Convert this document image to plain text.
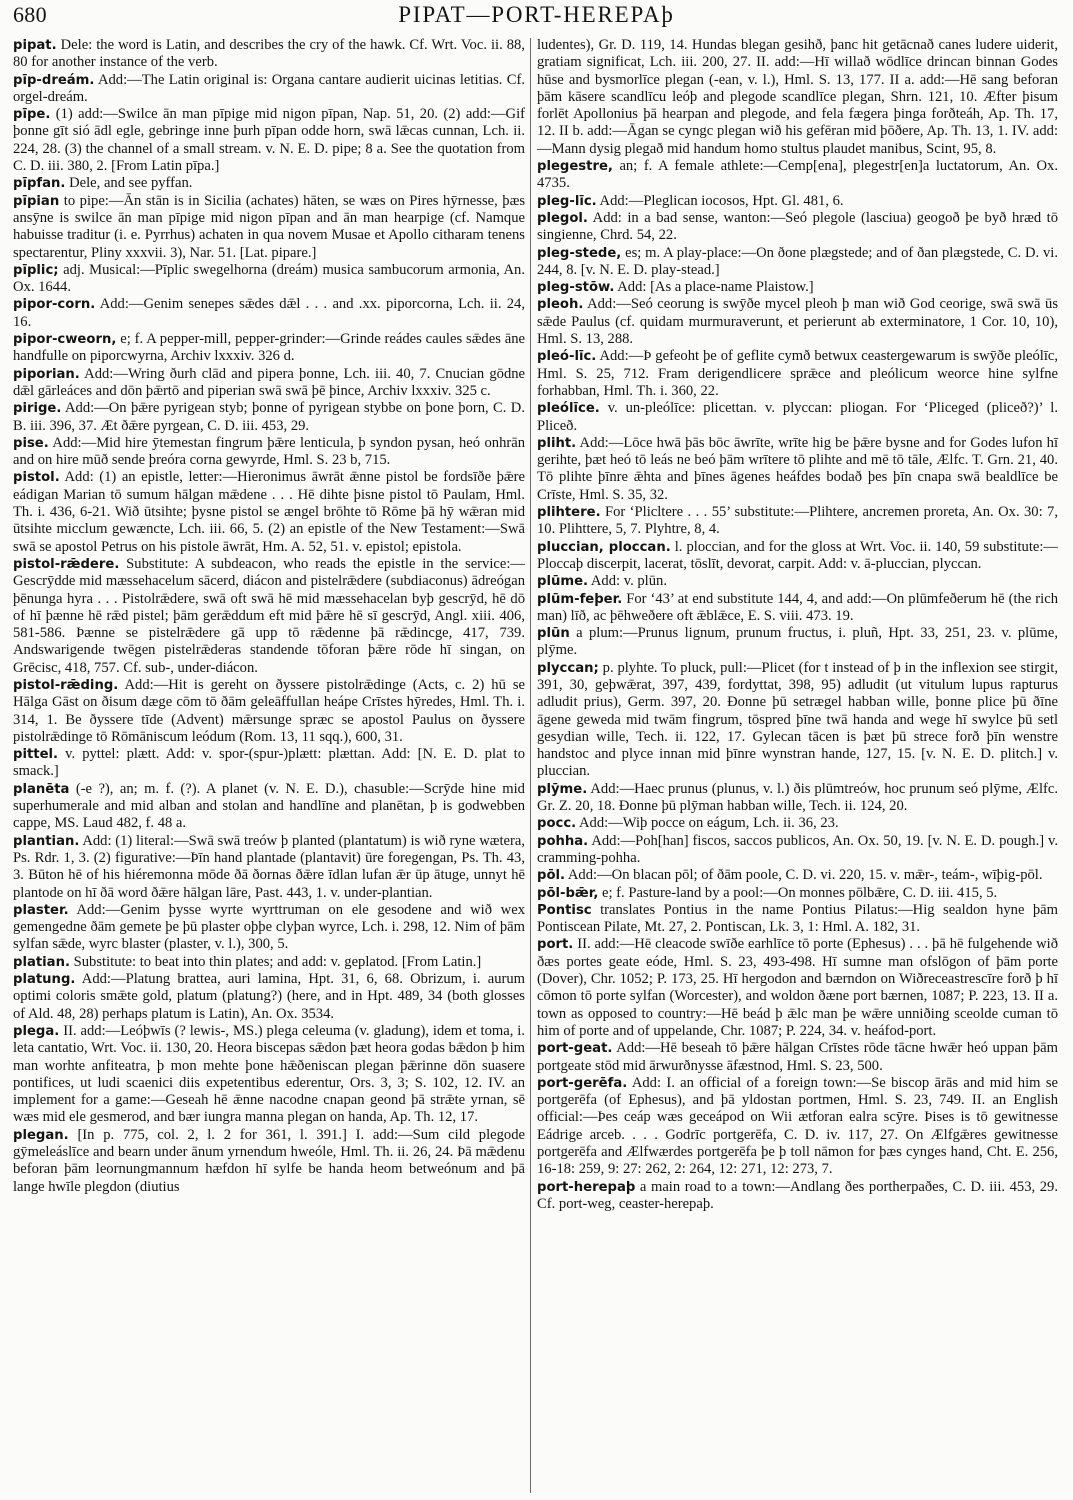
680	PIPAT—PORT-HEREPAþ

pipat. Dele: the word is Latin, and describes the cry of the hawk. Cf. Wrt. Voc. ii. 88, 80 for another instance of the verb.

pīp-dreám. Add:—The Latin original is: Organa cantare audierit uicinas letitias. Cf. orgel-dreám.

pīpe. (1) add:—Swilce ān man pīpige mid nigon pīpan, Nap. 51, 20. (2) add:—Gif þonne gīt sió ādl egle, gebringe inne þurh pīpan odde horn, swā lǣcas cunnan, Lch. ii. 224, 28. (3) the channel of a small stream. v. N. E. D. pipe; 8 a. See the quotation from C. D. iii. 380, 2. [From Latin pīpa.]

pīpfan. Dele, and see pyffan.

pīpian to pipe:—Ān stān is in Sicilia (achates) hāten, se wæs on Pires hȳrnesse, þæs ansȳne is swilce ān man pīpige mid nigon pīpan and ān man hearpige (cf. Namque habuisse traditur (i. e. Pyrrhus) achaten in qua novem Musae et Apollo citharam tenens spectarentur, Pliny xxxvii. 3), Nar. 51. [Lat. pipare.]

pīplic; adj. Musical:—Pīplic swegelhorna (dreám) musica sambucorum armonia, An. Ox. 1644.

pipor-corn. Add:—Genim senepes sǣdes dǣl . . . and .xx. piporcorna, Lch. ii. 24, 16.

pipor-cweorn, e; f. A pepper-mill, pepper-grinder:—Grinde reádes caules sǣdes āne handfulle on piporcwyrna, Archiv lxxxiv. 326 d.

piporian. Add:—Wring ðurh clād and pipera þonne, Lch. iii. 40, 7. Cnucian gōdne dǣl gārleáces and dōn þǣrtō and piperian swā swā þē þince, Archiv lxxxiv. 325 c.

pirige. Add:—On þǣre pyrigean styb; þonne of pyrigean stybbe on þone þorn, C. D. B. iii. 396, 37. Æt ðǣre pyrgean, C. D. iii. 453, 29.

pise. Add:—Mid hire ȳtemestan fingrum þǣre lenticula, þ syndon pysan, heó onhrān and on hire mūð sende þreóra corna gewyrde, Hml. S. 23 b, 715.

pistol. Add: (1) an epistle, letter:—Hieronimus āwrāt ǣnne pistol be fordsīðe þǣre eádigan Marian tō sumum hālgan mǣdene . . . Hē dihte þisne pistol tō Paulam, Hml. Th. i. 436, 6-21. Wið ūtsihte; þysne pistol se ængel brōhte tō Rōme þā hȳ wǣran mid ūtsihte micclum gewæncte, Lch. iii. 66, 5. (2) an epistle of the New Testament:—Swā swā se apostol Petrus on his pistole āwrāt, Hm. A. 52, 51. v. epistol; epistola.

pistol-rǣdere. Substitute: A subdeacon, who reads the epistle in the service:—Gescrȳdde mid mæssehacelum sācerd, diácon and pistelrǣdere (subdiaconus) ādreógan þēnunga hyra . . . Pistolrǣdere, swā oft swā hē mid mæssehacelan byþ gescrȳd, hē dō of hī þænne hē rǣd pistel; þām gerǣddum eft mid þǣre hē sī gescrȳd, Angl. xiii. 406, 581-586. Þænne se pistelrǣdere gā upp tō rǣdenne þā rǣdincge, 417, 739. Andswarigende twēgen pistelrǣderas standende tōforan þǣre rōde hī singan, on Grēcisc, 418, 757. Cf. sub-, under-diácon.

pistol-rǣding. Add:—Hit is gereht on ðyssere pistolrǣdinge (Acts, c. 2) hū se Hālga Gāst on ðisum dæge cōm tō ðām geleāffullan heápe Crīstes hȳredes, Hml. Th. i. 314, 1. Be ðyssere tīde (Advent) mǣrsunge spræc se apostol Paulus on ðyssere pistolrǣdinge tō Rōmāniscum leódum (Rom. 13, 11 sqq.), 600, 31.

pittel. v. pyttel: plætt. Add: v. spor-(spur-)plætt: plættan. Add: [N. E. D. plat to smack.]

planēta (-e ?), an; m. f. (?). A planet (v. N. E. D.), chasuble:—Scrȳde hine mid superhumerale and mid alban and stolan and handlīne and planētan, þ is godwebben cappe, MS. Laud 482, f. 48 a.

plantian. Add: (1) literal:—Swā swā treów þ planted (plantatum) is wið ryne wætera, Ps. Rdr. 1, 3. (2) figurative:—Þīn hand plantade (plantavit) ūre foregengan, Ps. Th. 43, 3. Būton hē of his hiéremonna mōde ðā ðornas ðǣre īdlan lufan ǣr ūp ātuge, unnyt hē plantode on hī ðā word ðǣre hālgan lāre, Past. 443, 1. v. under-plantian.

plaster. Add:—Genim þysse wyrte wyrttruman on ele gesodene and wið wex gemengedne ðām gemete þe þū plaster oþþe clyþan wyrce, Lch. i. 298, 12. Nim of þām sylfan sǣde, wyrc blaster (plaster, v. l.), 300, 5.

platian. Substitute: to beat into thin plates; and add: v. geplatod. [From Latin.]

platung. Add:—Platung brattea, auri lamina, Hpt. 31, 6, 68. Obrizum, i. aurum optimi coloris smǣte gold, platum (platung?) (here, and in Hpt. 489, 34 (both glosses of Ald. 48, 28) perhaps platum is Latin), An. Ox. 3534.

plega. II. add:—Leóþwīs (? lewis-, MS.) plega celeuma (v. gladung), idem et toma, i. leta cantatio, Wrt. Voc. ii. 130, 20. Heora biscepas sǣdon þæt heora godas bǣdon þ him man worhte anfiteatra, þ mon mehte þone hǣðeniscan plegan þǣrinne dōn suasere pontifices, ut ludi scaenici diis expetentibus ederentur, Ors. 3, 3; S. 102, 12. IV. an implement for a game:—Geseah hē ǣnne nacodne cnapan geond þā strǣte yrnan, sē wæs mid ele gesmerod, and bær iungra manna plegan on handa, Ap. Th. 12, 17.

plegan. [In p. 775, col. 2, l. 2 for 361, l. 391.] I. add:—Sum cild plegode gȳmeleáslīce and bearn under ānum yrnendum hweóle, Hml. Th. ii. 26, 24. Þā mǣdenu beforan þām leornungmannum hæfdon hī sylfe be handa heom betweónum and þā lange hwīle plegdon (diutius

ludentes), Gr. D. 119, 14. Hundas blegan gesihð, þanc hit getācnað canes ludere uiderit, gratiam significat, Lch. iii. 200, 27. II. add:—Hī willað wōdlīce drincan binnan Godes hūse and bysmorlīce plegan (-ean, v. l.), Hml. S. 13, 177. II a. add:—Hē sang beforan þām kāsere scandlīcu leóþ and plegode scandlīce plegan, Shrn. 121, 10. Æfter þisum forlēt Apollonius þā hearpan and plegode, and fela fægera þinga forðteáh, Ap. Th. 17, 12. II b. add:—Āgan se cyngc plegan wið his gefēran mid þōðere, Ap. Th. 13, 1. IV. add:—Mann dysig plegað mid handum homo stultus plaudet manibus, Scint, 95, 8.

plegestre, an; f. A female athlete:—Cemp[ena], plegestr[en]a luctatorum, An. Ox. 4735.

pleg-līc. Add:—Pleglican iocosos, Hpt. Gl. 481, 6.

plegol. Add: in a bad sense, wanton:—Seó plegole (lasciua) geogoð þe byð hræd tō singienne, Chrd. 54, 22.

pleg-stede, es; m. A play-place:—On ðone plægstede; and of ðan plægstede, C. D. vi. 244, 8. [v. N. E. D. play-stead.]

pleg-stōw. Add: [As a place-name Plaistow.]

pleoh. Add:—Seó ceorung is swȳðe mycel pleoh þ man wið God ceorige, swā swā ūs sǣde Paulus (cf. quidam murmuraverunt, et perierunt ab exterminatore, 1 Cor. 10, 10), Hml. S. 13, 288.

pleó-līc. Add:—Þ gefeoht þe of geflite cymð betwux ceastergewarum is swȳðe pleólīc, Hml. S. 25, 712. Fram derigendlicere sprǣce and pleólicum weorce hine sylfne forhabban, Hml. Th. i. 360, 22.

pleólīce. v. un-pleólīce: plicettan. v. plyccan: pliogan. For ‘Pliceged (pliceð?)’ l. Pliceð.

pliht. Add:—Lōce hwā þās bōc āwrīte, wrīte hig be þǣre bysne and for Godes lufon hī gerihte, þæt heó tō leás ne beó þām wrītere tō plihte and mē tō tāle, Ælfc. T. Grn. 21, 40. Tō plihte þīnre ǣhta and þīnes āgenes heáfdes bodað þes þīn cnapa swā bealdlīce be Crīste, Hml. S. 35, 32.

plihtere. For ‘Plicltere . . . 55’ substitute:—Plihtere, ancremen proreta, An. Ox. 30: 7, 10. Plihttere, 5, 7. Plyhtre, 8, 4.

pluccian, ploccan. l. ploccian, and for the gloss at Wrt. Voc. ii. 140, 59 substitute:—Ploccaþ discerpit, lacerat, tōslīt, devorat, carpit. Add: v. ā-pluccian, plyccan.

plūme. Add: v. plūn.

plūm-feþer. For ‘43’ at end substitute 144, 4, and add:—On plūmfeðerum hē (the rich man) līð, ac þēhweðere oft ǣblǣce, E. S. viii. 473. 19.

plūn a plum:—Prunus lignum, prunum fructus, i. pluñ, Hpt. 33, 251, 23. v. plūme, plȳme.

plyccan; p. plyhte. To pluck, pull:—Plicet (for t instead of þ in the inflexion see stirgit, 391, 30, geþwǣrat, 397, 439, fordyttat, 398, 95) adludit (ut vitulum lupus rapturus adludit prius), Germ. 397, 20. Ðonne þū setrægel habban wille, þonne plice þū ðīne āgene geweda mid twām fingrum, tōspred þīne twā handa and wege hī swylce þū setl gesydian wille, Tech. ii. 122, 17. Gylecan tācen is þæt þū strece forð þīn wenstre handstoc and plyce innan mid þīnre wynstran hande, 127, 15. [v. N. E. D. plitch.] v. pluccian.

plȳme. Add:—Haec prunus (plunus, v. l.) ðis plūmtreów, hoc prunum seó plȳme, Ælfc. Gr. Z. 20, 18. Ðonne þū plȳman habban wille, Tech. ii. 124, 20.

pocc. Add:—Wiþ pocce on eágum, Lch. ii. 36, 23.

pohha. Add:—Poh[han] fiscos, saccos publicos, An. Ox. 50, 19. [v. N. E. D. pough.] v. cramming-pohha.

pōl. Add:—On blacan pōl; of ðām poole, C. D. vi. 220, 15. v. mǣr-, teám-, wīþig-pōl.

pōl-bǣr, e; f. Pasture-land by a pool:—On monnes pōlbǣre, C. D. iii. 415, 5.

Pontisc translates Pontius in the name Pontius Pilatus:—Hig sealdon hyne þām Pontiscean Pilate, Mt. 27, 2. Pontiscan, Lk. 3, 1: Hml. A. 182, 31.

port. II. add:—Hē cleacode swīðe earhlīce tō porte (Ephesus) . . . þā hē fulgehende wið ðæs portes geate eóde, Hml. S. 23, 493-498. Hī sumne man ofslōgon of þām porte (Dover), Chr. 1052; P. 173, 25. Hī hergodon and bærndon on Wiðreceastrescīre forð þ hī cōmon tō porte sylfan (Worcester), and woldon ðæne port bærnen, 1087; P. 223, 13. II a. town as opposed to country:—Hē beád þ ǣlc man þe wǣre unniðing sceolde cuman tō him of porte and of uppelande, Chr. 1087; P. 224, 34. v. heáfod-port.

port-geat. Add:—Hē beseah tō þǣre hālgan Crīstes rōde tācne hwǣr heó uppan þām portgeate stōd mid ārwurðnysse āfæstnod, Hml. S. 23, 500.

port-gerēfa. Add: I. an official of a foreign town:—Se biscop ārās and mid him se portgerēfa (of Ephesus), and þā yldostan portmen, Hml. S. 23, 749. II. an English official:—Þes ceáp wæs geceápod on Wii ætforan ealra scȳre. Þises is tō gewitnesse Eádrige arceb. . . . Godrīc portgerēfa, C. D. iv. 117, 27. On Ælfgǣres gewitnesse portgerēfa and Ælfwærdes portgerēfa þe þ toll nāmon for þæs cynges hand, Cht. E. 256, 16-18: 259, 9: 27: 262, 2: 264, 12: 271, 12: 273, 7.

port-herepaþ a main road to a town:—Andlang ðes portherpaðes, C. D. iii. 453, 29. Cf. port-weg, ceaster-herepaþ.
